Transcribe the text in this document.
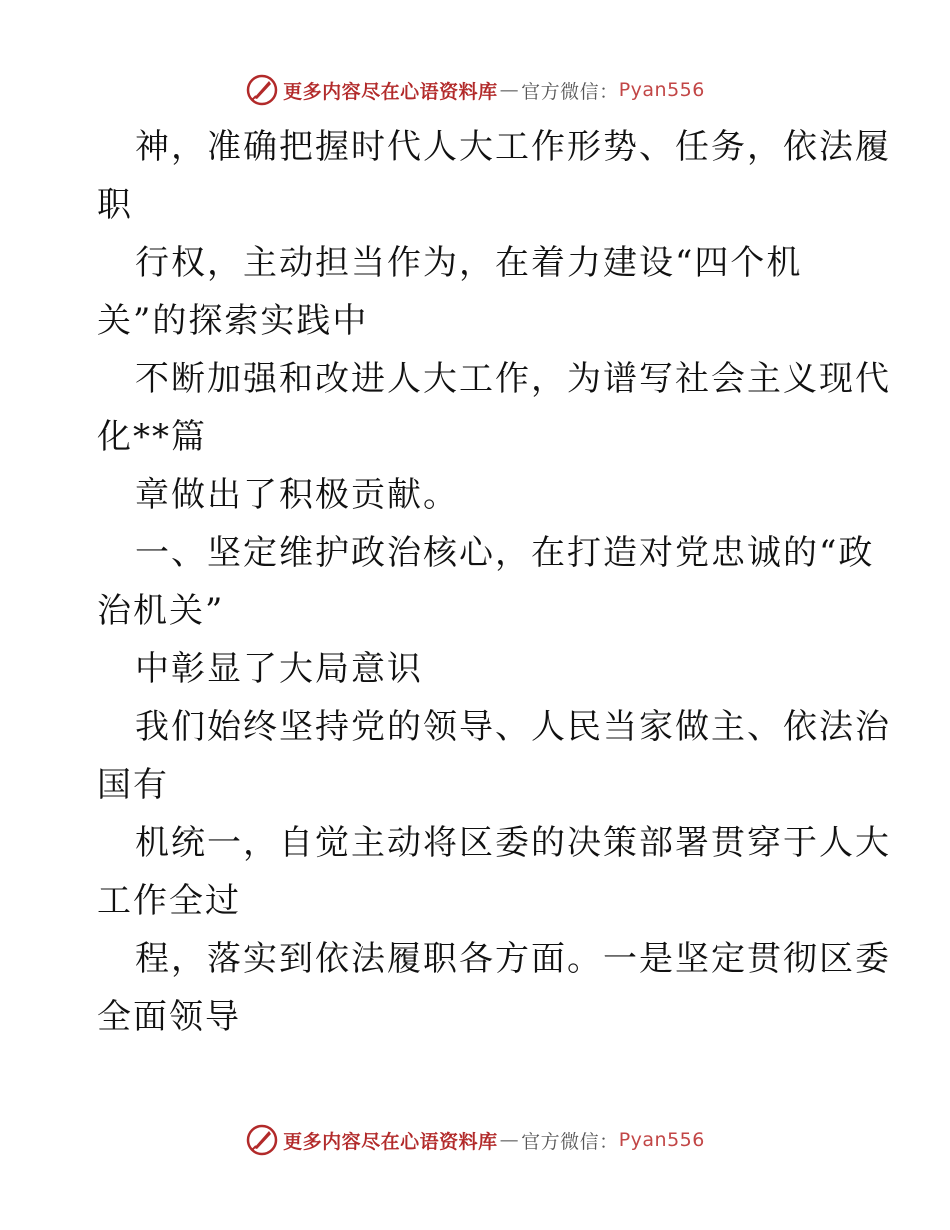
更多内容尽在心语资料库 — 官方微信： Pyan556
神，准确把握时代人大工作形势、任务，依法履
职
行权，主动担当作为，在着力建设“四个机
关”的探索实践中
不断加强和改进人大工作，为谱写社会主义现代
化**篇
章做出了积极贡献。
一、坚定维护政治核心，在打造对党忠诚的“政
治机关”
中彰显了大局意识
我们始终坚持党的领导、人民当家做主、依法治
国有
机统一，自觉主动将区委的决策部署贯穿于人大
工作全过
程，落实到依法履职各方面。一是坚定贯彻区委
全面领导
更多内容尽在心语资料库 — 官方微信： Pyan556
